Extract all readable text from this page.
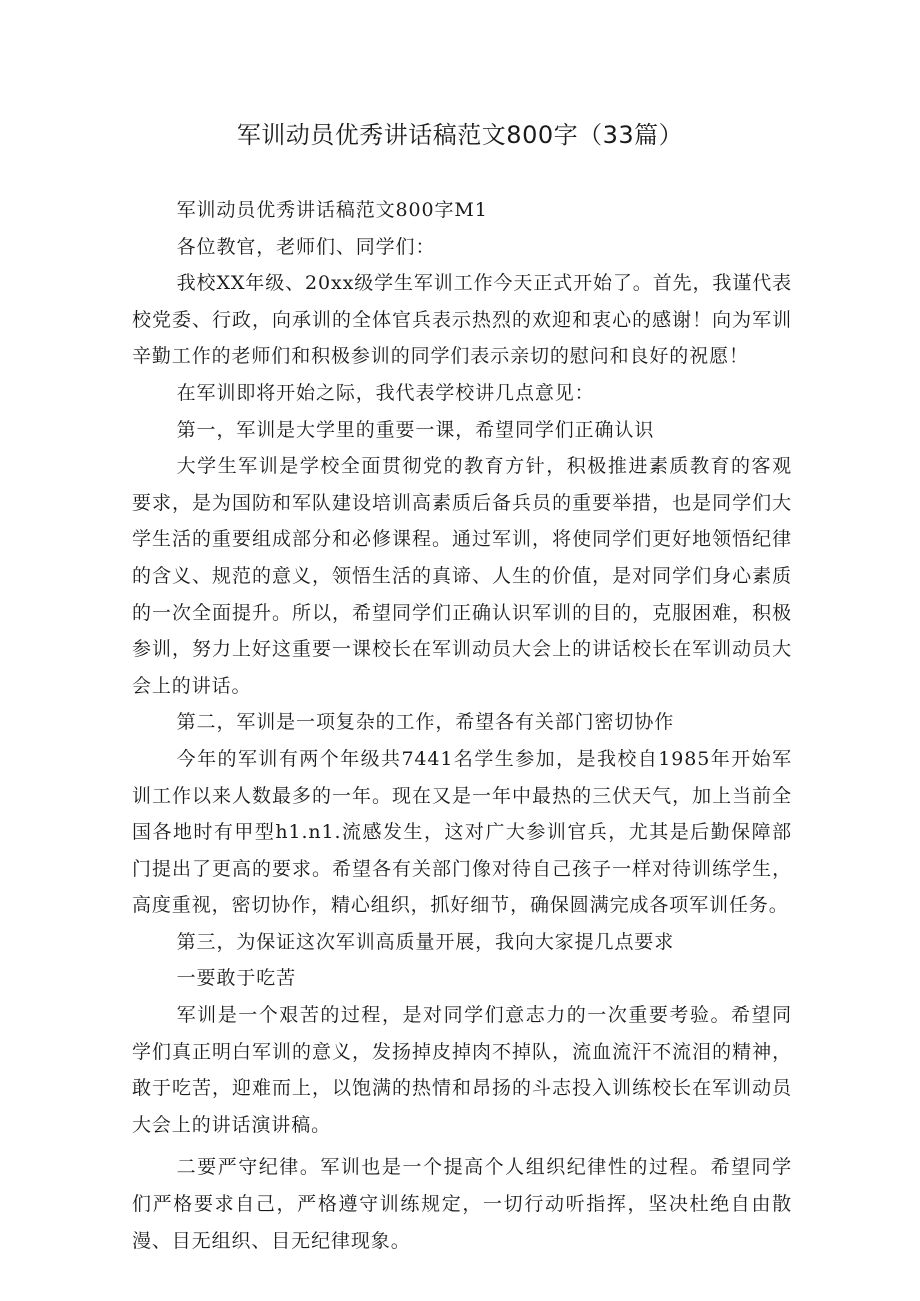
军训动员优秀讲话稿范文800字（33篇）

军训动员优秀讲话稿范文800字M1

各位教官，老师们、同学们：

我校XX年级、20xx级学生军训工作今天正式开始了。首先，我谨代表校党委、行政，向承训的全体官兵表示热烈的欢迎和衷心的感谢！向为军训辛勤工作的老师们和积极参训的同学们表示亲切的慰问和良好的祝愿！

在军训即将开始之际，我代表学校讲几点意见：

第一，军训是大学里的重要一课，希望同学们正确认识

大学生军训是学校全面贯彻党的教育方针，积极推进素质教育的客观要求，是为国防和军队建设培训高素质后备兵员的重要举措，也是同学们大学生活的重要组成部分和必修课程。通过军训，将使同学们更好地领悟纪律的含义、规范的意义，领悟生活的真谛、人生的价值，是对同学们身心素质的一次全面提升。所以，希望同学们正确认识军训的目的，克服困难，积极参训，努力上好这重要一课校长在军训动员大会上的讲话校长在军训动员大会上的讲话。

第二，军训是一项复杂的工作，希望各有关部门密切协作

今年的军训有两个年级共7441名学生参加，是我校自1985年开始军训工作以来人数最多的一年。现在又是一年中最热的三伏天气，加上当前全国各地时有甲型h1.n1.流感发生，这对广大参训官兵，尤其是后勤保障部门提出了更高的要求。希望各有关部门像对待自己孩子一样对待训练学生，高度重视，密切协作，精心组织，抓好细节，确保圆满完成各项军训任务。

第三，为保证这次军训高质量开展，我向大家提几点要求

一要敢于吃苦

军训是一个艰苦的过程，是对同学们意志力的一次重要考验。希望同学们真正明白军训的意义，发扬掉皮掉肉不掉队，流血流汗不流泪的精神，敢于吃苦，迎难而上，以饱满的热情和昂扬的斗志投入训练校长在军训动员大会上的讲话演讲稿。

二要严守纪律。军训也是一个提高个人组织纪律性的过程。希望同学们严格要求自己，严格遵守训练规定，一切行动听指挥，坚决杜绝自由散漫、目无组织、目无纪律现象。
